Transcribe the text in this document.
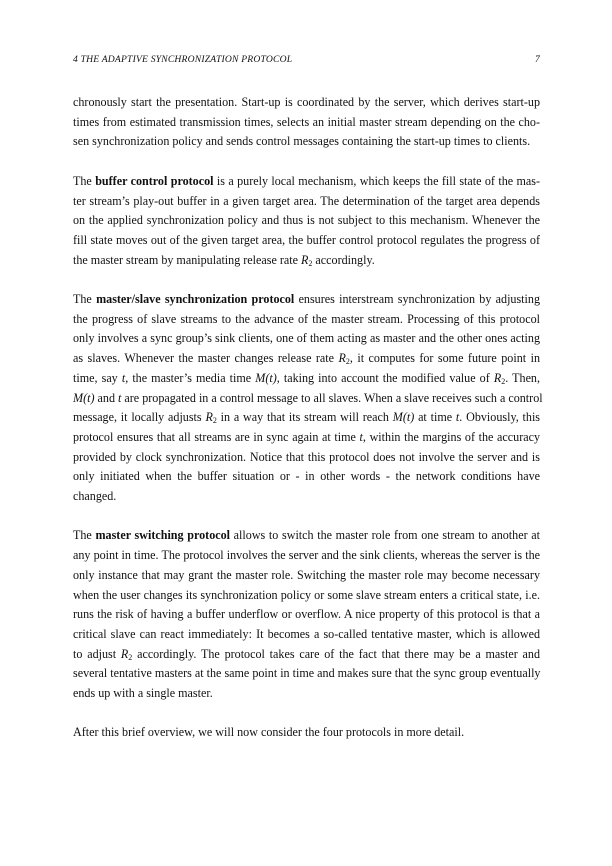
4 THE ADAPTIVE SYNCHRONIZATION PROTOCOL	7

chronously start the presentation. Start-up is coordinated by the server, which derives start-up
times from estimated transmission times, selects an initial master stream depending on the cho-
sen synchronization policy and sends control messages containing the start-up times to clients.

The buffer control protocol is a purely local mechanism, which keeps the fill state of the mas-
ter stream’s play-out buffer in a given target area. The determination of the target area depends
on the applied synchronization policy and thus is not subject to this mechanism. Whenever the
fill state moves out of the given target area, the buffer control protocol regulates the progress of
the master stream by manipulating release rate $R_2$ accordingly.

The master/slave synchronization protocol ensures interstream synchronization by adjusting
the progress of slave streams to the advance of the master stream. Processing of this protocol
only involves a sync group’s sink clients, one of them acting as master and the other ones acting
as slaves. Whenever the master changes release rate $R_2$, it computes for some future point in
time, say t, the master’s media time M(t), taking into account the modified value of $R_2$. Then,
M(t) and t are propagated in a control message to all slaves. When a slave receives such a control
message, it locally adjusts $R_2$ in a way that its stream will reach M(t) at time t. Obviously, this
protocol ensures that all streams are in sync again at time t, within the margins of the accuracy
provided by clock synchronization. Notice that this protocol does not involve the server and is
only initiated when the buffer situation or - in other words - the network conditions have
changed.

The master switching protocol allows to switch the master role from one stream to another at
any point in time. The protocol involves the server and the sink clients, whereas the server is the
only instance that may grant the master role. Switching the master role may become necessary
when the user changes its synchronization policy or some slave stream enters a critical state, i.e.
runs the risk of having a buffer underflow or overflow. A nice property of this protocol is that a
critical slave can react immediately: It becomes a so-called tentative master, which is allowed
to adjust $R_2$ accordingly. The protocol takes care of the fact that there may be a master and
several tentative masters at the same point in time and makes sure that the sync group eventually
ends up with a single master.

After this brief overview, we will now consider the four protocols in more detail.
